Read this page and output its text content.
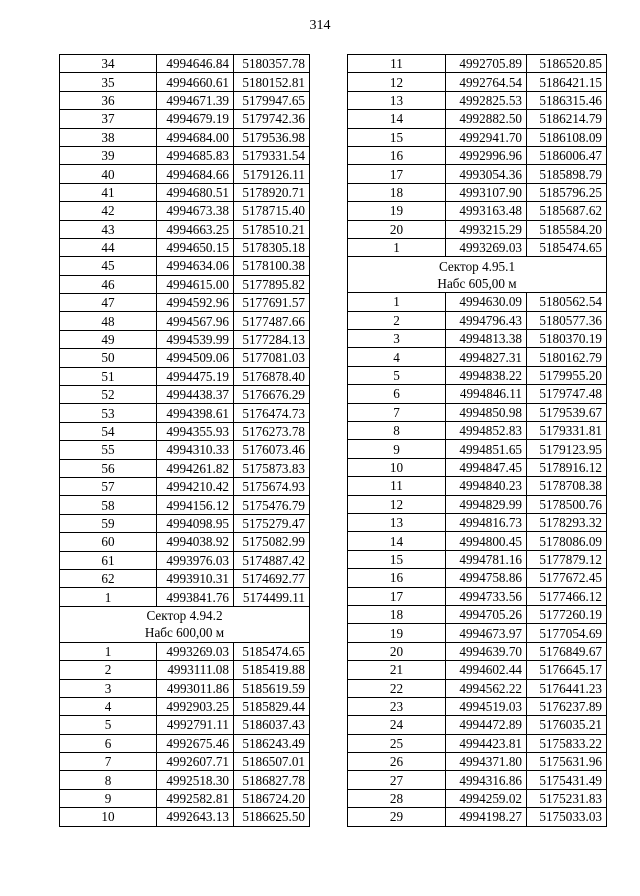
314
34	4994646.84	5180357.78
35	4994660.61	5180152.81
36	4994671.39	5179947.65
37	4994679.19	5179742.36
38	4994684.00	5179536.98
39	4994685.83	5179331.54
40	4994684.66	5179126.11
41	4994680.51	5178920.71
42	4994673.38	5178715.40
43	4994663.25	5178510.21
44	4994650.15	5178305.18
45	4994634.06	5178100.38
46	4994615.00	5177895.82
47	4994592.96	5177691.57
48	4994567.96	5177487.66
49	4994539.99	5177284.13
50	4994509.06	5177081.03
51	4994475.19	5176878.40
52	4994438.37	5176676.29
53	4994398.61	5176474.73
54	4994355.93	5176273.78
55	4994310.33	5176073.46
56	4994261.82	5175873.83
57	4994210.42	5175674.93
58	4994156.12	5175476.79
59	4994098.95	5175279.47
60	4994038.92	5175082.99
61	4993976.03	5174887.42
62	4993910.31	5174692.77
1	4993841.76	5174499.11

Сектор 4.94.2
Набс 600,00 м		

1	4993269.03	5185474.65
2	4993111.08	5185419.88
3	4993011.86	5185619.59
4	4992903.25	5185829.44
5	4992791.11	5186037.43
6	4992675.46	5186243.49
7	4992607.71	5186507.01
8	4992518.30	5186827.78
9	4992582.81	5186724.20
10	4992643.13	5186625.50
11	4992705.89	5186520.85
12	4992764.54	5186421.15
13	4992825.53	5186315.46
14	4992882.50	5186214.79
15	4992941.70	5186108.09
16	4992996.96	5186006.47
17	4993054.36	5185898.79
18	4993107.90	5185796.25
19	4993163.48	5185687.62
20	4993215.29	5185584.20
1	4993269.03	5185474.65

Сектор 4.95.1
Набс 605,00 м		

1	4994630.09	5180562.54
2	4994796.43	5180577.36
3	4994813.38	5180370.19
4	4994827.31	5180162.79
5	4994838.22	5179955.20
6	4994846.11	5179747.48
7	4994850.98	5179539.67
8	4994852.83	5179331.81
9	4994851.65	5179123.95
10	4994847.45	5178916.12
11	4994840.23	5178708.38
12	4994829.99	5178500.76
13	4994816.73	5178293.32
14	4994800.45	5178086.09
15	4994781.16	5177879.12
16	4994758.86	5177672.45
17	4994733.56	5177466.12
18	4994705.26	5177260.19
19	4994673.97	5177054.69
20	4994639.70	5176849.67
21	4994602.44	5176645.17
22	4994562.22	5176441.23
23	4994519.03	5176237.89
24	4994472.89	5176035.21
25	4994423.81	5175833.22
26	4994371.80	5175631.96
27	4994316.86	5175431.49
28	4994259.02	5175231.83
29	4994198.27	5175033.03
